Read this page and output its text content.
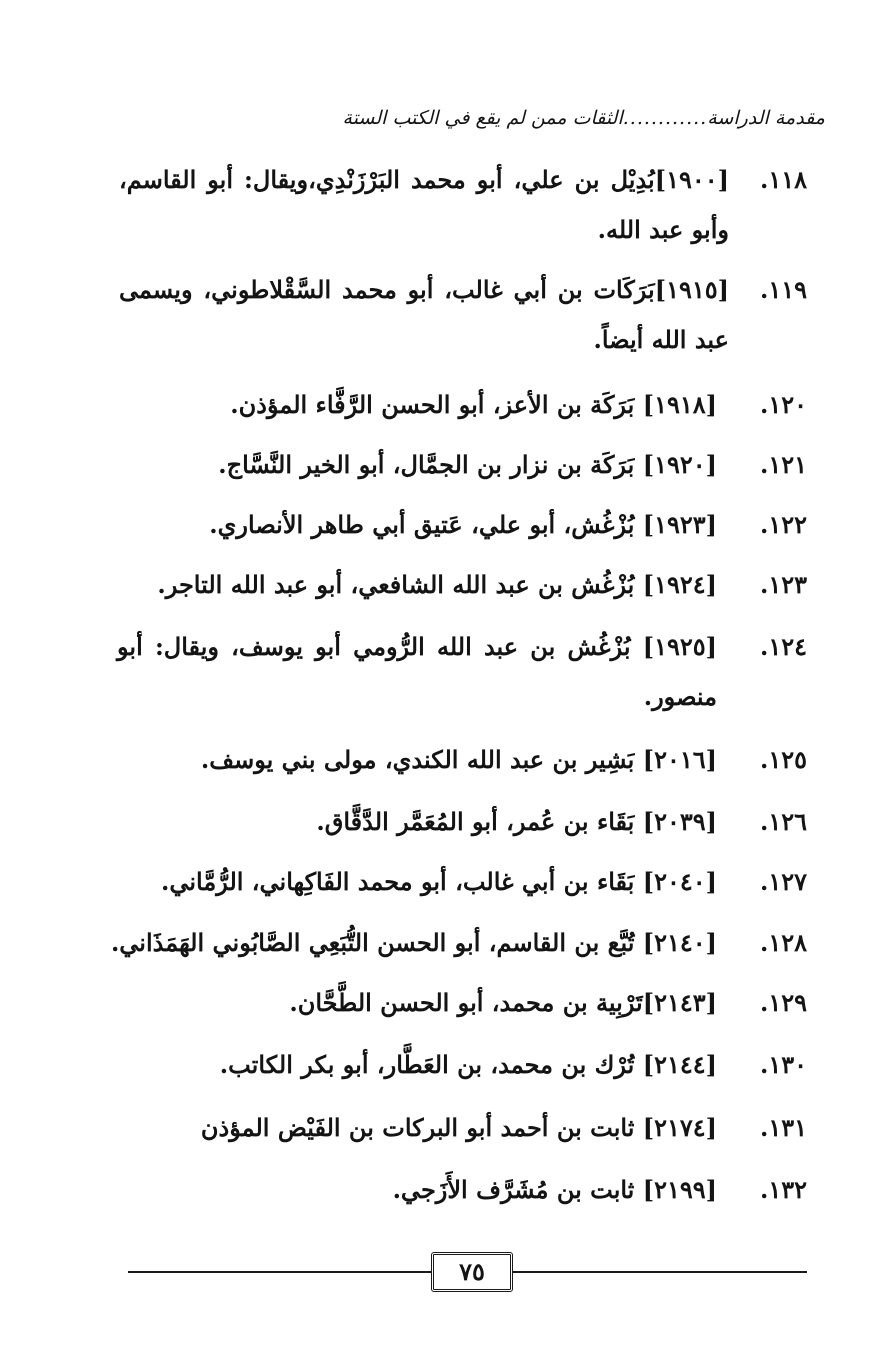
مقدمة الدراسة............الثقات ممن لم يقع في الكتب الستة
١١٨.
[١٩٠٠]بُدِيْل بن علي، أبو محمد البَرْزَنْدِي،ويقال: أبو القاسم، وأبو عبد الله.
١١٩.
[١٩١٥]بَرَكَات بن أبي غالب، أبو محمد السَّقْلاطوني، ويسمى عبد الله أيضاً.
١٢٠.
[١٩١٨] بَرَكَة بن الأعز، أبو الحسن الرَّفَّاء المؤذن.
١٢١.
[١٩٢٠] بَرَكَة بن نزار بن الجمَّال، أبو الخير النَّسَّاج.
١٢٢.
[١٩٢٣] بُزْغُش، أبو علي، عَتيق أبي طاهر الأنصاري.
١٢٣.
[١٩٢٤] بُزْغُش بن عبد الله الشافعي، أبو عبد الله التاجر.
١٢٤.
[١٩٢٥] بُزْغُش بن عبد الله الرُّومي أبو يوسف، ويقال: أبو منصور.
١٢٥.
[٢٠١٦] بَشِير بن عبد الله الكندي، مولى بني يوسف.
١٢٦.
[٢٠٣٩] بَقَاء بن عُمر، أبو المُعَمَّر الدَّقَّاق.
١٢٧.
[٢٠٤٠] بَقَاء بن أبي غالب، أبو محمد الفَاكِهاني، الرُّمَّاني.
١٢٨.
[٢١٤٠] تُبَّع بن القاسم، أبو الحسن التُّبَعِي الصَّابُوني الهَمَذَاني.
١٢٩.
[٢١٤٣]تَرْبِية بن محمد، أبو الحسن الطَّحَّان.
١٣٠.
[٢١٤٤] تُرْك بن محمد، بن العَطَّار، أبو بكر الكاتب.
١٣١.
[٢١٧٤] ثابت بن أحمد أبو البركات بن الفَيْض المؤذن
١٣٢.
[٢١٩٩] ثابت بن مُشَرَّف الأَزَجي.
٧٥
